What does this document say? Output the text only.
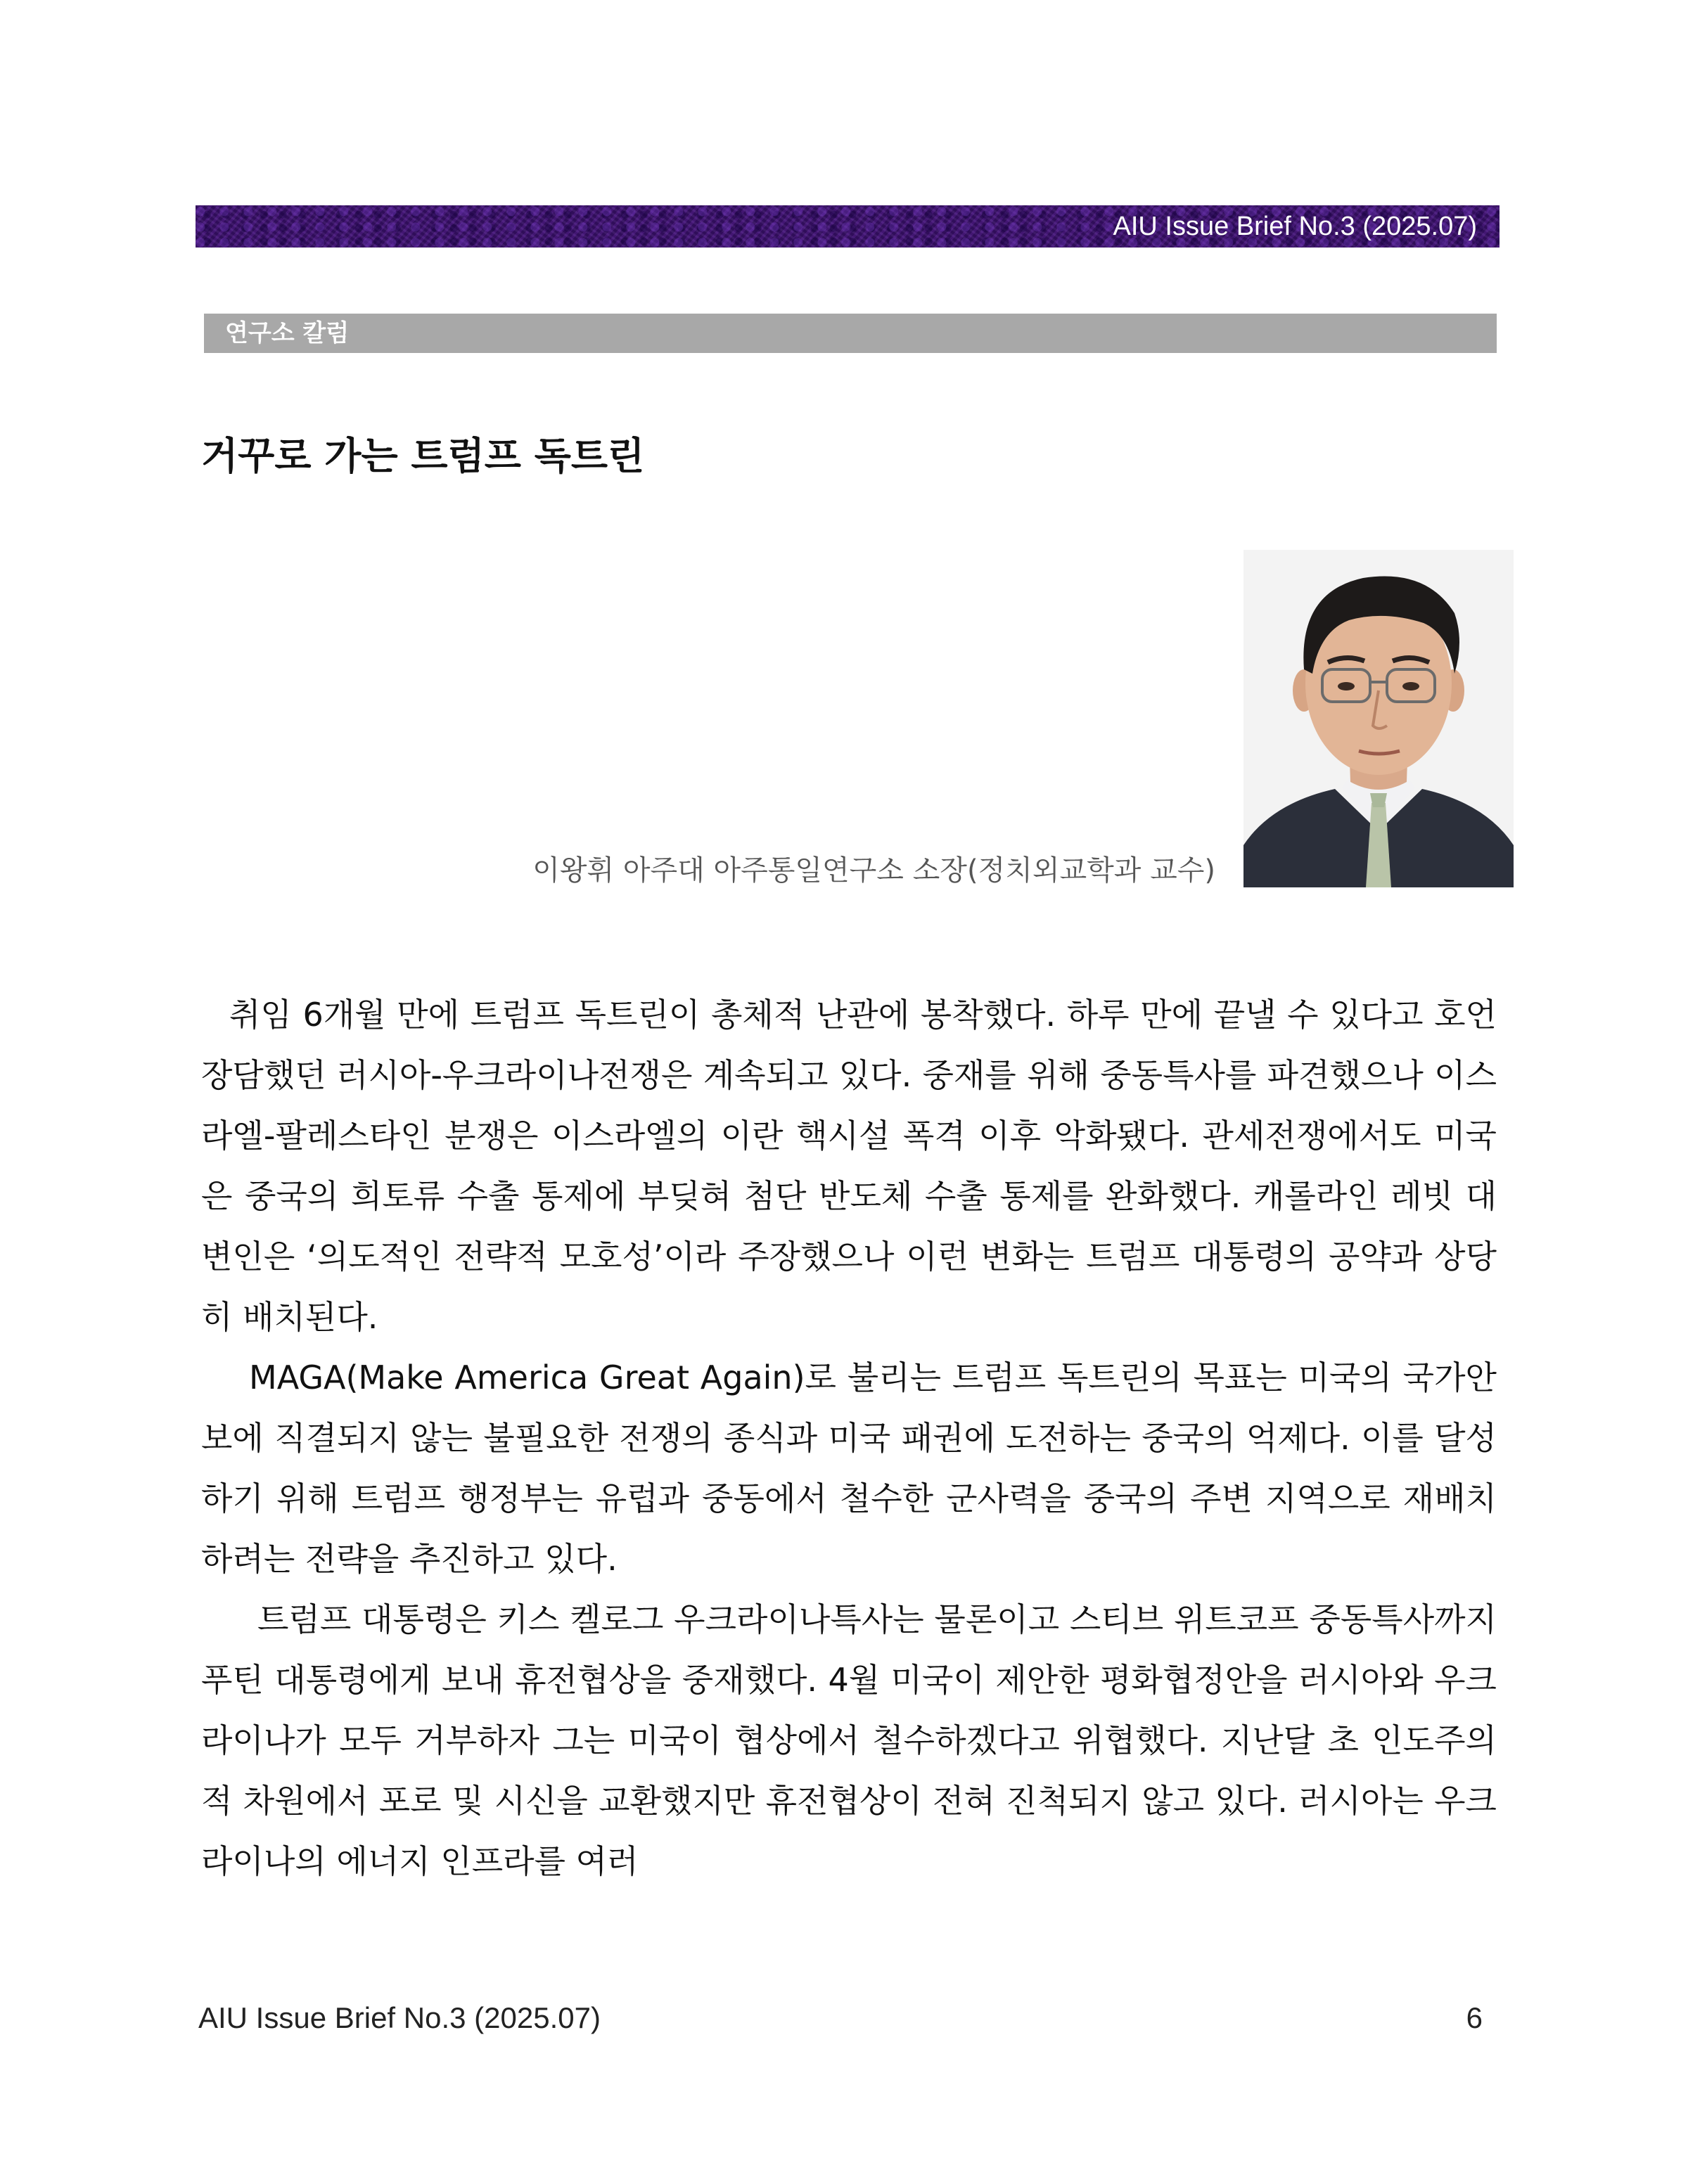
AIU Issue Brief No.3 (2025.07)
연구소 칼럼
거꾸로 가는 트럼프 독트린
이왕휘 아주대 아주통일연구소 소장(정치외교학과 교수)

취임 6개월 만에 트럼프 독트린이 총체적 난관에 봉착했다. 하루 만에 끝낼 수 있다고 호언장담했던 러시아-우크라이나전쟁은 계속되고 있다. 중재를 위해 중동특사를 파견했으나 이스라엘-팔레스타인 분쟁은 이스라엘의 이란 핵시설 폭격 이후 악화됐다. 관세전쟁에서도 미국은 중국의 희토류 수출 통제에 부딪혀 첨단 반도체 수출 통제를 완화했다. 캐롤라인 레빗 대변인은 ‘의도적인 전략적 모호성’이라 주장했으나 이런 변화는 트럼프 대통령의 공약과 상당히 배치된다.

MAGA(Make America Great Again)로 불리는 트럼프 독트린의 목표는 미국의 국가안보에 직결되지 않는 불필요한 전쟁의 종식과 미국 패권에 도전하는 중국의 억제다. 이를 달성하기 위해 트럼프 행정부는 유럽과 중동에서 철수한 군사력을 중국의 주변 지역으로 재배치하려는 전략을 추진하고 있다.

트럼프 대통령은 키스 켈로그 우크라이나특사는 물론이고 스티브 위트코프 중동특사까지 푸틴 대통령에게 보내 휴전협상을 중재했다. 4월 미국이 제안한 평화협정안을 러시아와 우크라이나가 모두 거부하자 그는 미국이 협상에서 철수하겠다고 위협했다. 지난달 초 인도주의적 차원에서 포로 및 시신을 교환했지만 휴전협상이 전혀 진척되지 않고 있다. 러시아는 우크라이나의 에너지 인프라를 여러

AIU Issue Brief No.3 (2025.07)	6
